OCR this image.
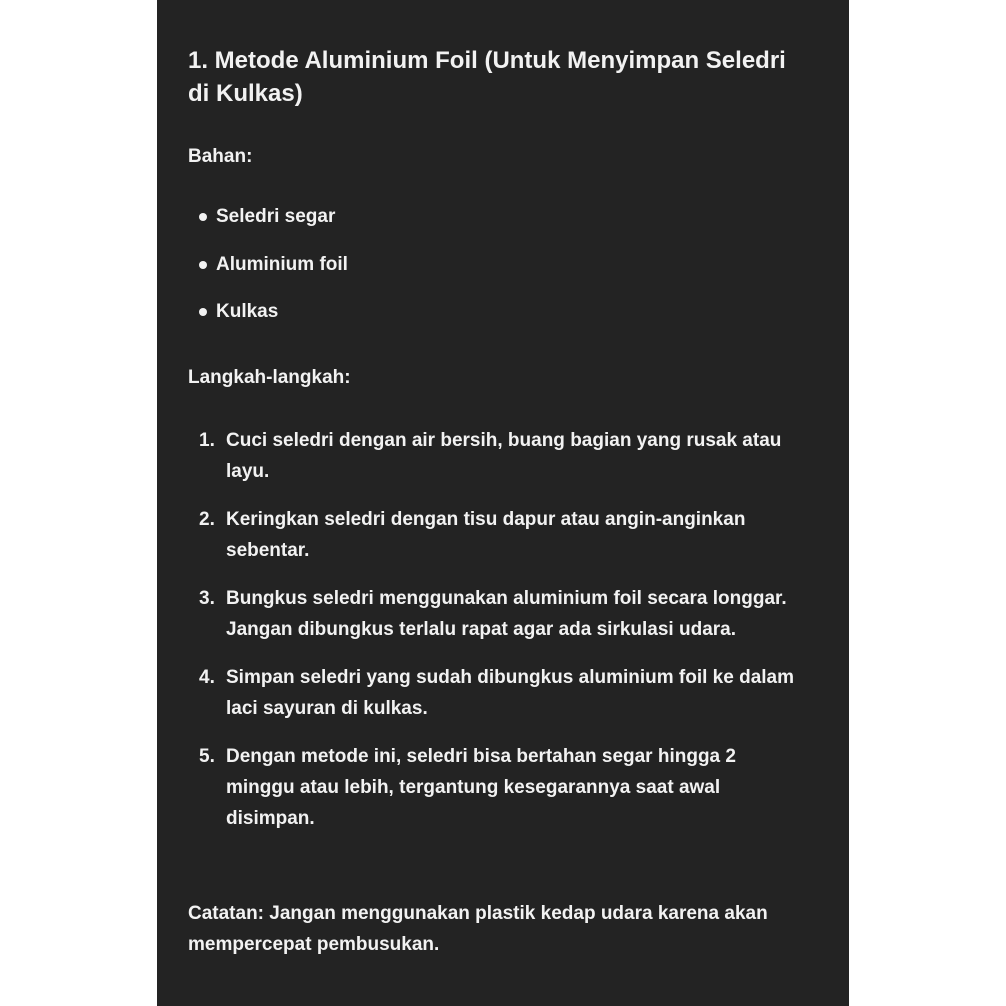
1. Metode Aluminium Foil (Untuk Menyimpan Seledri di Kulkas)

Bahan:

Seledri segar
Aluminium foil
Kulkas

Langkah-langkah:

1. Cuci seledri dengan air bersih, buang bagian yang rusak atau layu.
2. Keringkan seledri dengan tisu dapur atau angin-anginkan sebentar.
3. Bungkus seledri menggunakan aluminium foil secara longgar. Jangan dibungkus terlalu rapat agar ada sirkulasi udara.
4. Simpan seledri yang sudah dibungkus aluminium foil ke dalam laci sayuran di kulkas.
5. Dengan metode ini, seledri bisa bertahan segar hingga 2 minggu atau lebih, tergantung kesegarannya saat awal disimpan.

Catatan: Jangan menggunakan plastik kedap udara karena akan mempercepat pembusukan.
